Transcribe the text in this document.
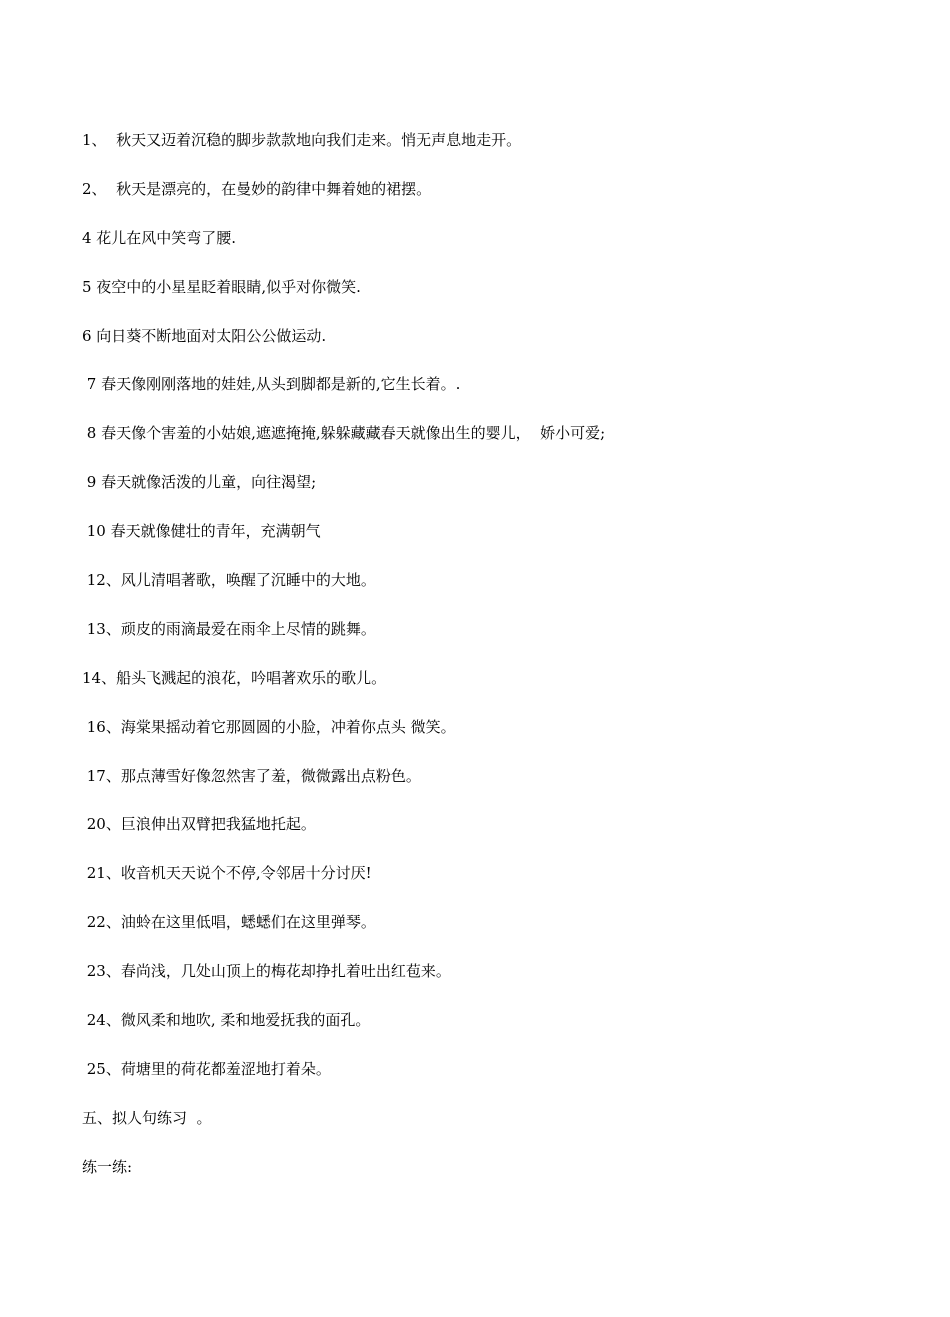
1、  秋天又迈着沉稳的脚步款款地向我们走来。悄无声息地走开。
2、  秋天是漂亮的，在曼妙的韵律中舞着她的裙摆。
4 花儿在风中笑弯了腰.
5 夜空中的小星星眨着眼睛,似乎对你微笑.
6 向日葵不断地面对太阳公公做运动.
7 春天像刚刚落地的娃娃,从头到脚都是新的,它生长着。.
8 春天像个害羞的小姑娘,遮遮掩掩,躲躲藏藏春天就像出生的婴儿，  娇小可爱;
9 春天就像活泼的儿童，向往渴望;
10 春天就像健壮的青年，充满朝气
12、风儿清唱著歌，唤醒了沉睡中的大地。
13、顽皮的雨滴最爱在雨伞上尽情的跳舞。
14、船头飞溅起的浪花，吟唱著欢乐的歌儿。
16、海棠果摇动着它那圆圆的小脸，冲着你点头 微笑。
17、那点薄雪好像忽然害了羞，微微露出点粉色。
20、巨浪伸出双臂把我猛地托起。
21、收音机天天说个不停,令邻居十分讨厌!
22、油蛉在这里低唱，蟋蟋们在这里弹琴。
23、春尚浅，几处山顶上的梅花却挣扎着吐出红苞来。
24、微风柔和地吹, 柔和地爱抚我的面孔。
25、荷塘里的荷花都羞涩地打着朵。
五、拟人句练习  。
练一练:
